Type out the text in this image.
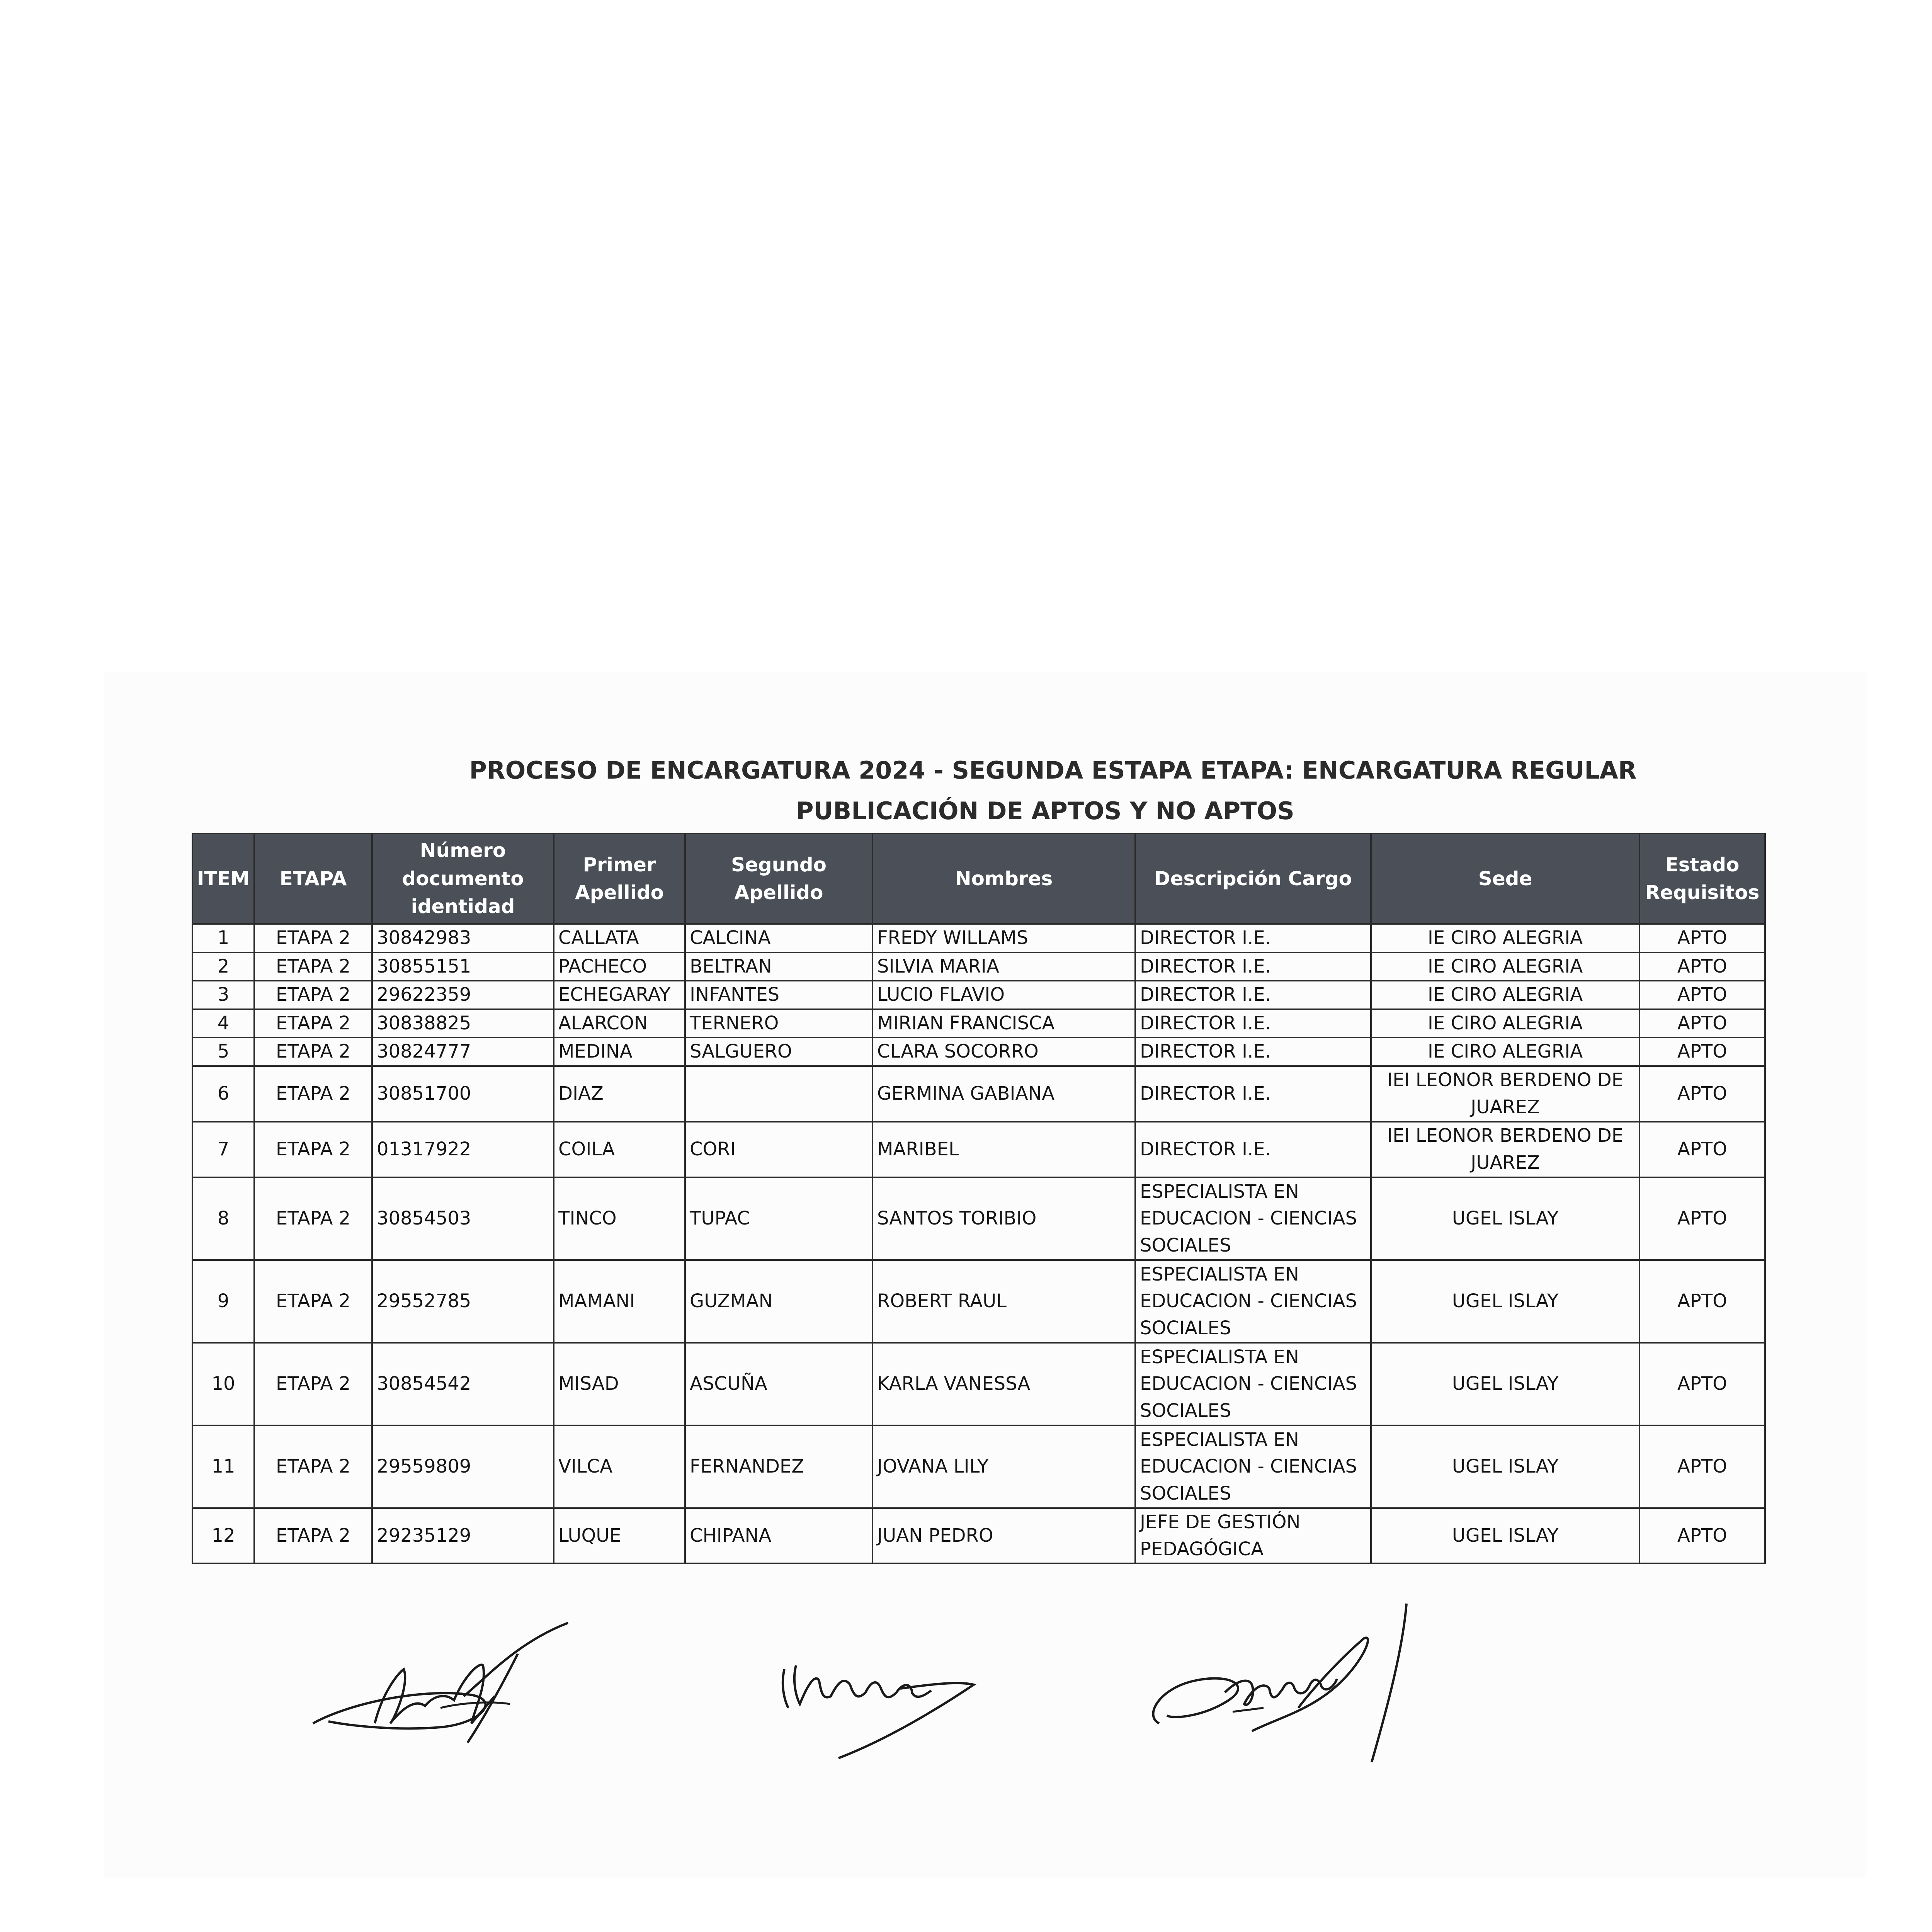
PROCESO DE ENCARGATURA 2024 - SEGUNDA ESTAPA ETAPA: ENCARGATURA REGULAR
PUBLICACIÓN DE APTOS Y NO APTOS
ITEM	ETAPA	Número documento identidad	Primer Apellido	Segundo Apellido	Nombres	Descripción Cargo	Sede	Estado Requisitos
1	ETAPA 2	30842983	CALLATA	CALCINA	FREDY WILLAMS	DIRECTOR I.E.	IE CIRO ALEGRIA	APTO
2	ETAPA 2	30855151	PACHECO	BELTRAN	SILVIA MARIA	DIRECTOR I.E.	IE CIRO ALEGRIA	APTO
3	ETAPA 2	29622359	ECHEGARAY	INFANTES	LUCIO FLAVIO	DIRECTOR I.E.	IE CIRO ALEGRIA	APTO
4	ETAPA 2	30838825	ALARCON	TERNERO	MIRIAN FRANCISCA	DIRECTOR I.E.	IE CIRO ALEGRIA	APTO
5	ETAPA 2	30824777	MEDINA	SALGUERO	CLARA SOCORRO	DIRECTOR I.E.	IE CIRO ALEGRIA	APTO
6	ETAPA 2	30851700	DIAZ		GERMINA GABIANA	DIRECTOR I.E.	IEI LEONOR BERDENO DE JUAREZ	APTO
7	ETAPA 2	01317922	COILA	CORI	MARIBEL	DIRECTOR I.E.	IEI LEONOR BERDENO DE JUAREZ	APTO
8	ETAPA 2	30854503	TINCO	TUPAC	SANTOS TORIBIO	ESPECIALISTA EN EDUCACION - CIENCIAS SOCIALES	UGEL ISLAY	APTO
9	ETAPA 2	29552785	MAMANI	GUZMAN	ROBERT RAUL	ESPECIALISTA EN EDUCACION - CIENCIAS SOCIALES	UGEL ISLAY	APTO
10	ETAPA 2	30854542	MISAD	ASCUÑA	KARLA VANESSA	ESPECIALISTA EN EDUCACION - CIENCIAS SOCIALES	UGEL ISLAY	APTO
11	ETAPA 2	29559809	VILCA	FERNANDEZ	JOVANA LILY	ESPECIALISTA EN EDUCACION - CIENCIAS SOCIALES	UGEL ISLAY	APTO
12	ETAPA 2	29235129	LUQUE	CHIPANA	JUAN PEDRO	JEFE DE GESTIÓN PEDAGÓGICA	UGEL ISLAY	APTO
